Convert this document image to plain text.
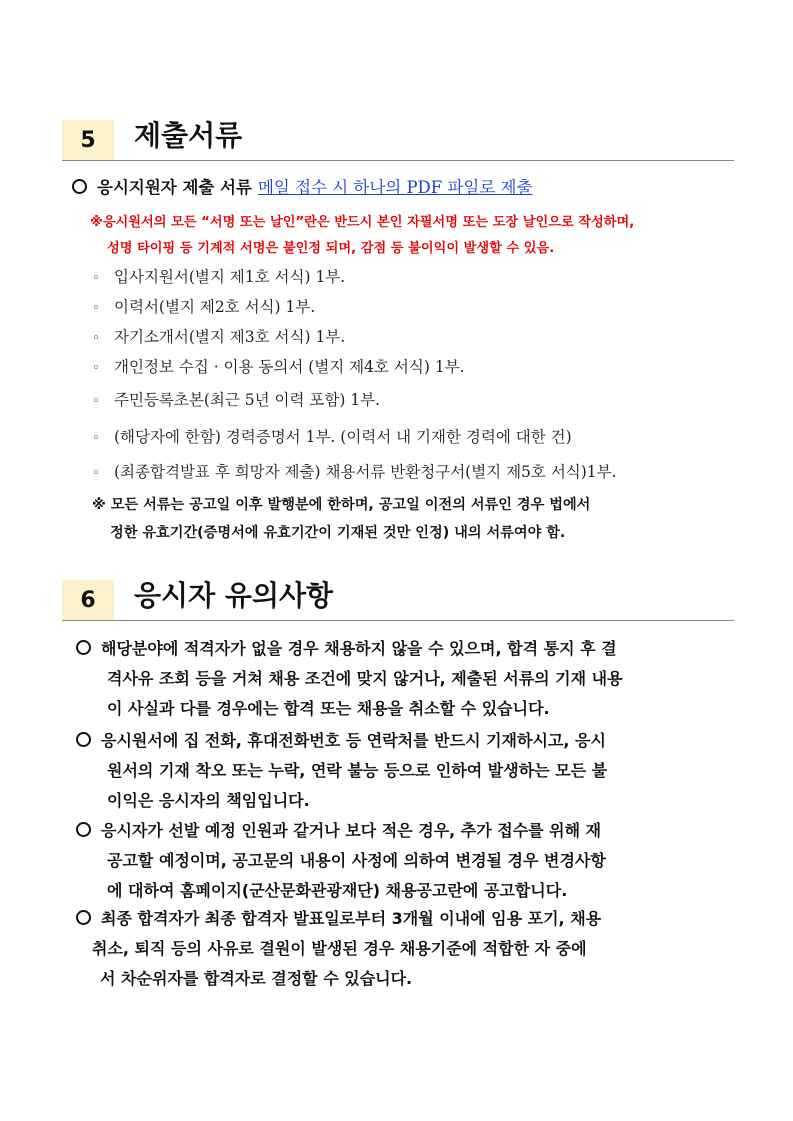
5	제출서류
응시지원자 제출 서류 메일 접수 시 하나의 PDF 파일로 제출
※응시원서의 모든 “서명 또는 날인”란은 반드시 본인 자필서명 또는 도장 날인으로 작성하며,
성명 타이핑 등 기계적 서명은 불인정 되며, 감점 등 불이익이 발생할 수 있음.
◦ 입사지원서(별지 제1호 서식) 1부.
◦ 이력서(별지 제2호 서식) 1부.
◦ 자기소개서(별지 제3호 서식) 1부.
◦ 개인정보 수집 · 이용 동의서 (별지 제4호 서식) 1부.
◦ 주민등록초본(최근 5년 이력 포함) 1부.
◦ (해당자에 한함) 경력증명서 1부. (이력서 내 기재한 경력에 대한 건)
◦ (최종합격발표 후 희망자 제출) 채용서류 반환청구서(별지 제5호 서식)1부.
※ 모든 서류는 공고일 이후 발행분에 한하며, 공고일 이전의 서류인 경우 법에서
정한 유효기간(증명서에 유효기간이 기재된 것만 인정) 내의 서류여야 함.
6	응시자 유의사항
해당분야에 적격자가 없을 경우 채용하지 않을 수 있으며, 합격 통지 후 결
격사유 조회 등을 거쳐 채용 조건에 맞지 않거나, 제출된 서류의 기재 내용
이 사실과 다를 경우에는 합격 또는 채용을 취소할 수 있습니다.
응시원서에 집 전화, 휴대전화번호 등 연락처를 반드시 기재하시고, 응시
원서의 기재 착오 또는 누락, 연락 불능 등으로 인하여 발생하는 모든 불
이익은 응시자의 책임입니다.
응시자가 선발 예정 인원과 같거나 보다 적은 경우, 추가 접수를 위해 재
공고할 예정이며, 공고문의 내용이 사정에 의하여 변경될 경우 변경사항
에 대하여 홈페이지(군산문화관광재단) 채용공고란에 공고합니다.
최종 합격자가 최종 합격자 발표일로부터 3개월 이내에 임용 포기, 채용
취소, 퇴직 등의 사유로 결원이 발생된 경우 채용기준에 적합한 자 중에
서 차순위자를 합격자로 결정할 수 있습니다.
